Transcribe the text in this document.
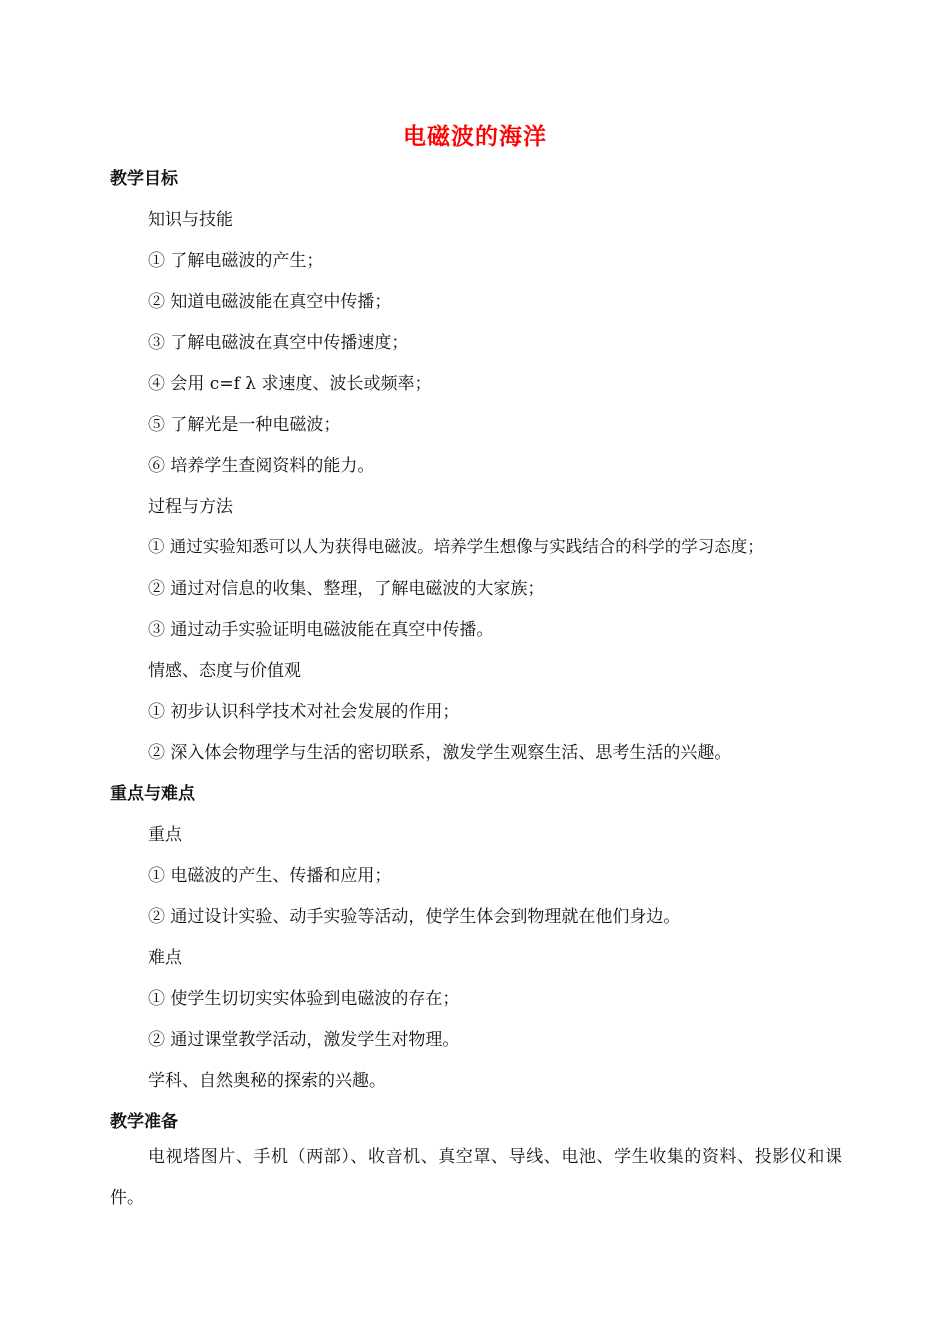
电磁波的海洋
教学目标
知识与技能
① 了解电磁波的产生；
② 知道电磁波能在真空中传播；
③ 了解电磁波在真空中传播速度；
④ 会用 c=f λ 求速度、波长或频率；
⑤ 了解光是一种电磁波；
⑥ 培养学生查阅资料的能力。
过程与方法
① 通过实验知悉可以人为获得电磁波。培养学生想像与实践结合的科学的学习态度；
② 通过对信息的收集、整理，了解电磁波的大家族；
③ 通过动手实验证明电磁波能在真空中传播。
情感、态度与价值观
① 初步认识科学技术对社会发展的作用；
② 深入体会物理学与生活的密切联系，激发学生观察生活、思考生活的兴趣。
重点与难点
重点
① 电磁波的产生、传播和应用；
② 通过设计实验、动手实验等活动，使学生体会到物理就在他们身边。
难点
① 使学生切切实实体验到电磁波的存在；
② 通过课堂教学活动，激发学生对物理。
学科、自然奥秘的探索的兴趣。
教学准备
电视塔图片、手机（两部）、收音机、真空罩、导线、电池、学生收集的资料、投影仪和课件。
